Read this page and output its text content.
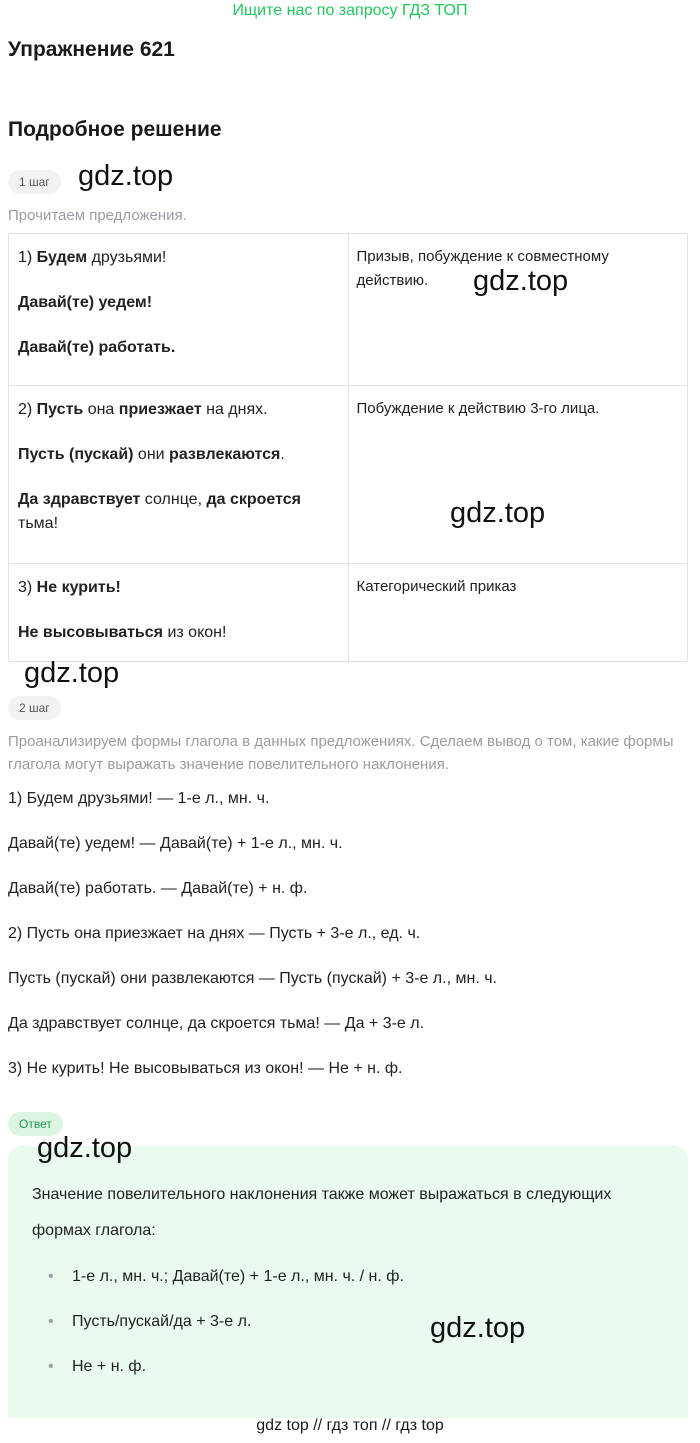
Ищите нас по запросу ГДЗ ТОП
Упражнение 621
Подробное решение
1 шаг gdz.top
Прочитаем предложения.
1) Будем друзьями!
Давай(те) уедем!
Давай(те) работать.	Призыв, побуждение к совместному действию.

2) Пусть она приезжает на днях.
Пусть (пускай) они развлекаются.
Да здравствует солнце, да скроется тьма!	Побуждение к действию 3-го лица.

3) Не курить!
Не высовываться из окон!	Категорический приказ
gdz.top
gdz.top
gdz.top
2 шаг
Проанализируем формы глагола в данных предложениях. Сделаем вывод о том, какие формы глагола могут выражать значение повелительного наклонения.
1) Будем друзьями! — 1-е л., мн. ч.
Давай(те) уедем! — Давай(те) + 1-е л., мн. ч.
Давай(те) работать. — Давай(те) + н. ф.
2) Пусть она приезжает на днях — Пусть + 3-е л., ед. ч.
Пусть (пускай) они развлекаются — Пусть (пускай) + 3-е л., мн. ч.
Да здравствует солнце, да скроется тьма! — Да + 3-е л.
3) Не курить! Не высовываться из окон! — Не + н. ф.
Ответ
gdz.top
Значение повелительного наклонения также может выражаться в следующих формах глагола:
• 1-е л., мн. ч.; Давай(те) + 1-е л., мн. ч. / н. ф.
• Пусть/пускай/да + 3-е л.
• Не + н. ф.
gdz.top
gdz top // гдз топ // гдз top
